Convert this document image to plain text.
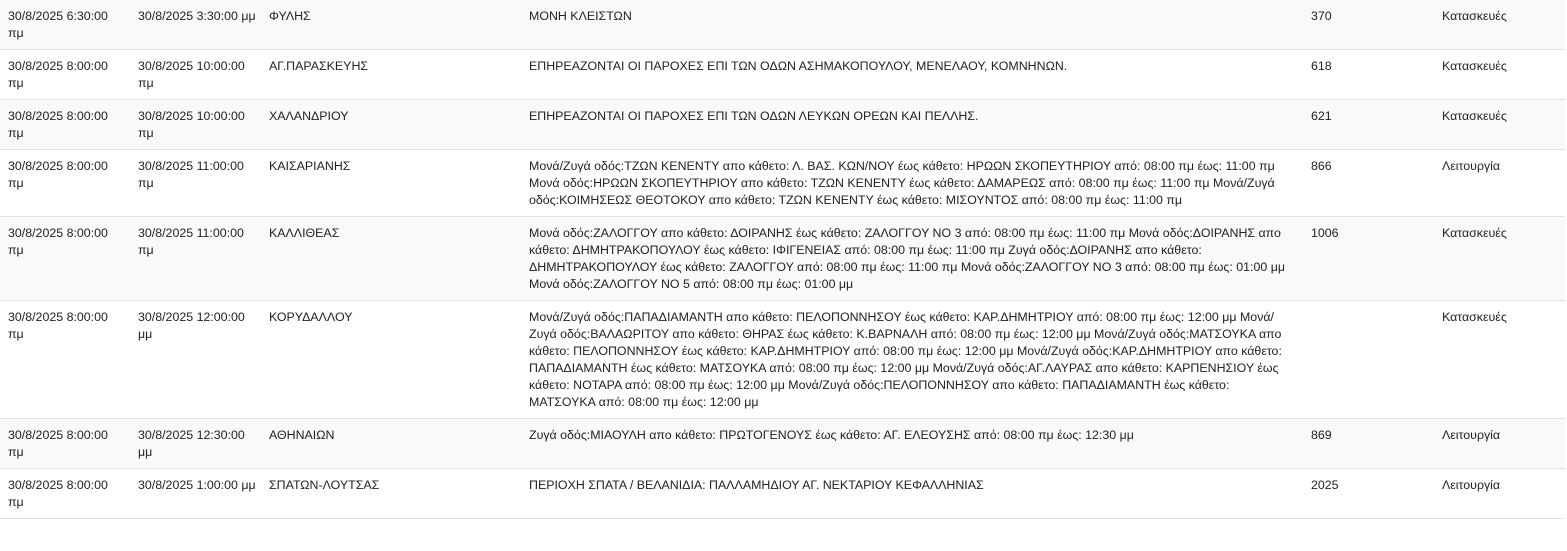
30/8/2025 6:30:00 πμ	30/8/2025 3:30:00 μμ	ΦΥΛΗΣ	ΜΟΝΗ ΚΛΕΙΣΤΩΝ	370	Κατασκευές
30/8/2025 8:00:00 πμ	30/8/2025 10:00:00 πμ	ΑΓ.ΠΑΡΑΣΚΕΥΗΣ	ΕΠΗΡΕΑΖΟΝΤΑΙ ΟΙ ΠΑΡΟΧΕΣ ΕΠΙ ΤΩΝ ΟΔΩΝ ΑΣΗΜΑΚΟΠΟΥΛΟΥ, ΜΕΝΕΛΑΟΥ, ΚΟΜΝΗΝΩΝ.	618	Κατασκευές
30/8/2025 8:00:00 πμ	30/8/2025 10:00:00 πμ	ΧΑΛΑΝΔΡΙΟΥ	ΕΠΗΡΕΑΖΟΝΤΑΙ ΟΙ ΠΑΡΟΧΕΣ ΕΠΙ ΤΩΝ ΟΔΩΝ ΛΕΥΚΩΝ ΟΡΕΩΝ ΚΑΙ ΠΕΛΛΗΣ.	621	Κατασκευές
30/8/2025 8:00:00 πμ	30/8/2025 11:00:00 πμ	ΚΑΙΣΑΡΙΑΝΗΣ	Μονά/Ζυγά οδός:ΤΖΩΝ ΚΕΝΕΝΤΥ απο κάθετο: Λ. ΒΑΣ. ΚΩΝ/ΝΟΥ έως κάθετο: ΗΡΩΩΝ ΣΚΟΠΕΥΤΗΡΙΟΥ από: 08:00 πμ έως: 11:00 πμ Μονά οδός:ΗΡΩΩΝ ΣΚΟΠΕΥΤΗΡΙΟΥ απο κάθετο: ΤΖΩΝ ΚΕΝΕΝΤΥ έως κάθετο: ΔΑΜΑΡΕΩΣ από: 08:00 πμ έως: 11:00 πμ Μονά/Ζυγά οδός:ΚΟΙΜΗΣΕΩΣ ΘΕΟΤΟΚΟΥ απο κάθετο: ΤΖΩΝ ΚΕΝΕΝΤΥ έως κάθετο: ΜΙΣΟΥΝΤΟΣ από: 08:00 πμ έως: 11:00 πμ	866	Λειτουργία
30/8/2025 8:00:00 πμ	30/8/2025 11:00:00 πμ	ΚΑΛΛΙΘΕΑΣ	Μονά οδός:ΖΑΛΟΓΓΟΥ απο κάθετο: ΔΟΙΡΑΝΗΣ έως κάθετο: ΖΑΛΟΓΓΟΥ ΝΟ 3 από: 08:00 πμ έως: 11:00 πμ Μονά οδός:ΔΟΙΡΑΝΗΣ απο κάθετο: ΔΗΜΗΤΡΑΚΟΠΟΥΛΟΥ έως κάθετο: ΙΦΙΓΕΝΕΙΑΣ από: 08:00 πμ έως: 11:00 πμ Ζυγά οδός:ΔΟΙΡΑΝΗΣ απο κάθετο: ΔΗΜΗΤΡΑΚΟΠΟΥΛΟΥ έως κάθετο: ΖΑΛΟΓΓΟΥ από: 08:00 πμ έως: 11:00 πμ Μονά οδός:ΖΑΛΟΓΓΟΥ ΝΟ 3 από: 08:00 πμ έως: 01:00 μμ Μονά οδός:ΖΑΛΟΓΓΟΥ ΝΟ 5 από: 08:00 πμ έως: 01:00 μμ	1006	Κατασκευές
30/8/2025 8:00:00 πμ	30/8/2025 12:00:00 μμ	ΚΟΡΥΔΑΛΛΟΥ	Μονά/Ζυγά οδός:ΠΑΠΑΔΙΑΜΑΝΤΗ απο κάθετο: ΠΕΛΟΠΟΝΝΗΣΟΥ έως κάθετο: ΚΑΡ.ΔΗΜΗΤΡΙΟΥ από: 08:00 πμ έως: 12:00 μμ Μονά/Ζυγά οδός:ΒΑΛΑΩΡΙΤΟΥ απο κάθετο: ΘΗΡΑΣ έως κάθετο: Κ.ΒΑΡΝΑΛΗ από: 08:00 πμ έως: 12:00 μμ Μονά/Ζυγά οδός:ΜΑΤΣΟΥΚΑ απο κάθετο: ΠΕΛΟΠΟΝΝΗΣΟΥ έως κάθετο: ΚΑΡ.ΔΗΜΗΤΡΙΟΥ από: 08:00 πμ έως: 12:00 μμ Μονά/Ζυγά οδός:ΚΑΡ.ΔΗΜΗΤΡΙΟΥ απο κάθετο: ΠΑΠΑΔΙΑΜΑΝΤΗ έως κάθετο: ΜΑΤΣΟΥΚΑ από: 08:00 πμ έως: 12:00 μμ Μονά/Ζυγά οδός:ΑΓ.ΛΑΥΡΑΣ απο κάθετο: ΚΑΡΠΕΝΗΣΙΟΥ έως κάθετο: ΝΟΤΑΡΑ από: 08:00 πμ έως: 12:00 μμ Μονά/Ζυγά οδός:ΠΕΛΟΠΟΝΝΗΣΟΥ απο κάθετο: ΠΑΠΑΔΙΑΜΑΝΤΗ έως κάθετο: ΜΑΤΣΟΥΚΑ από: 08:00 πμ έως: 12:00 μμ		Κατασκευές
30/8/2025 8:00:00 πμ	30/8/2025 12:30:00 μμ	ΑΘΗΝΑΙΩΝ	Ζυγά οδός:ΜΙΑΟΥΛΗ απο κάθετο: ΠΡΩΤΟΓΕΝΟΥΣ έως κάθετο: ΑΓ. ΕΛΕΟΥΣΗΣ από: 08:00 πμ έως: 12:30 μμ	869	Λειτουργία
30/8/2025 8:00:00 πμ	30/8/2025 1:00:00 μμ	ΣΠΑΤΩΝ-ΛΟΥΤΣΑΣ	ΠΕΡΙΟΧΗ ΣΠΑΤΑ / ΒΕΛΑΝΙΔΙΑ: ΠΑΛΛΑΜΗΔΙΟΥ ΑΓ. ΝΕΚΤΑΡΙΟΥ ΚΕΦΑΛΛΗΝΙΑΣ	2025	Λειτουργία
